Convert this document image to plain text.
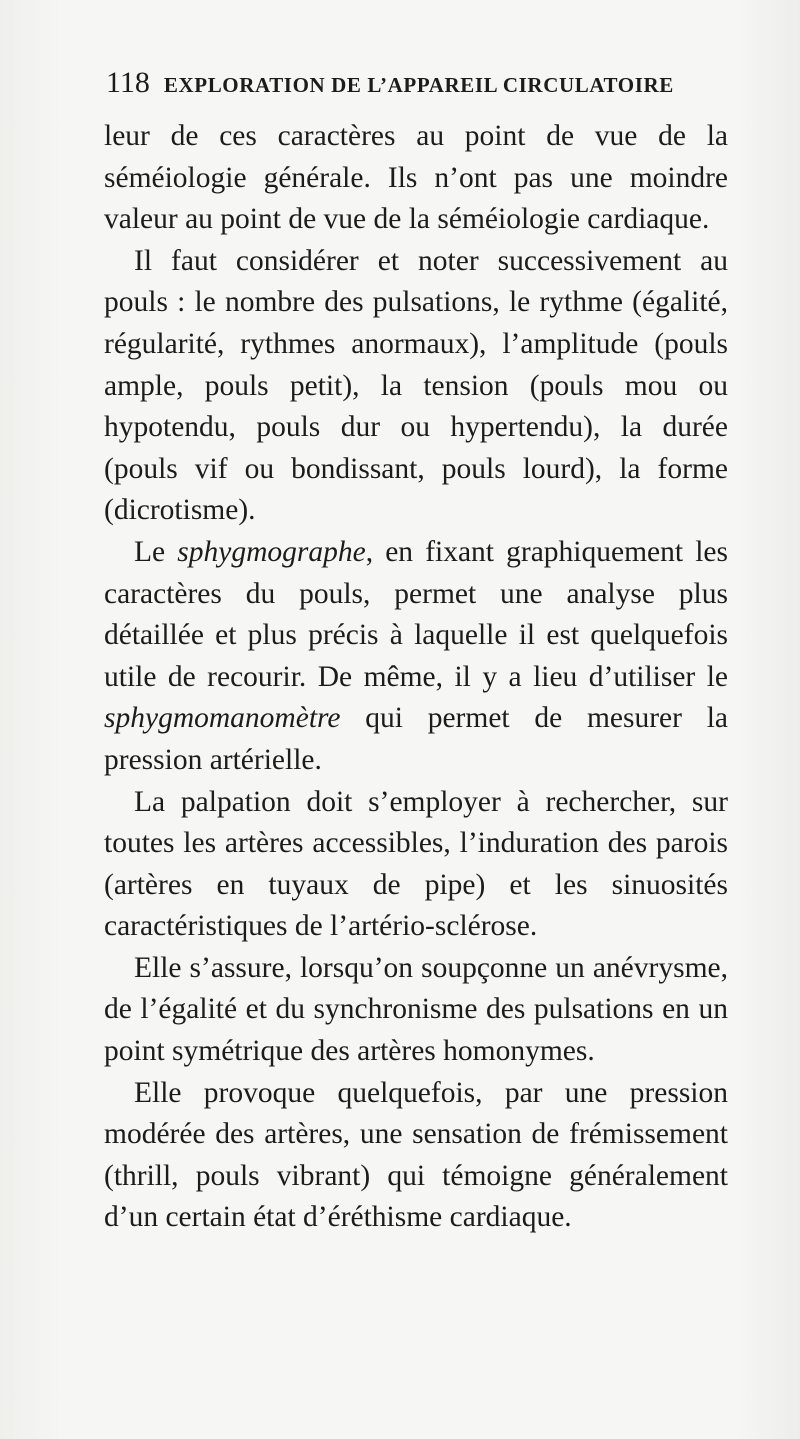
118 EXPLORATION DE L’APPAREIL CIRCULATOIRE

leur de ces caractères au point de vue de la séméiologie générale. Ils n’ont pas une moindre valeur au point de vue de la séméiologie cardiaque.

Il faut considérer et noter successivement au pouls : le nombre des pulsations, le rythme (égalité, régularité, rythmes anormaux), l’amplitude (pouls ample, pouls petit), la tension (pouls mou ou hypotendu, pouls dur ou hypertendu), la durée (pouls vif ou bondissant, pouls lourd), la forme (dicrotisme).

Le sphygmographe, en fixant graphiquement les caractères du pouls, permet une analyse plus détaillée et plus précis à laquelle il est quelquefois utile de recourir. De même, il y a lieu d’utiliser le sphygmomanomètre qui permet de mesurer la pression artérielle.

La palpation doit s’employer à rechercher, sur toutes les artères accessibles, l’induration des parois (artères en tuyaux de pipe) et les sinuosités caractéristiques de l’artério-sclérose.

Elle s’assure, lorsqu’on soupçonne un anévrysme, de l’égalité et du synchronisme des pulsations en un point symétrique des artères homonymes.

Elle provoque quelquefois, par une pression modérée des artères, une sensation de frémissement (thrill, pouls vibrant) qui témoigne généralement d’un certain état d’éréthisme cardiaque.
